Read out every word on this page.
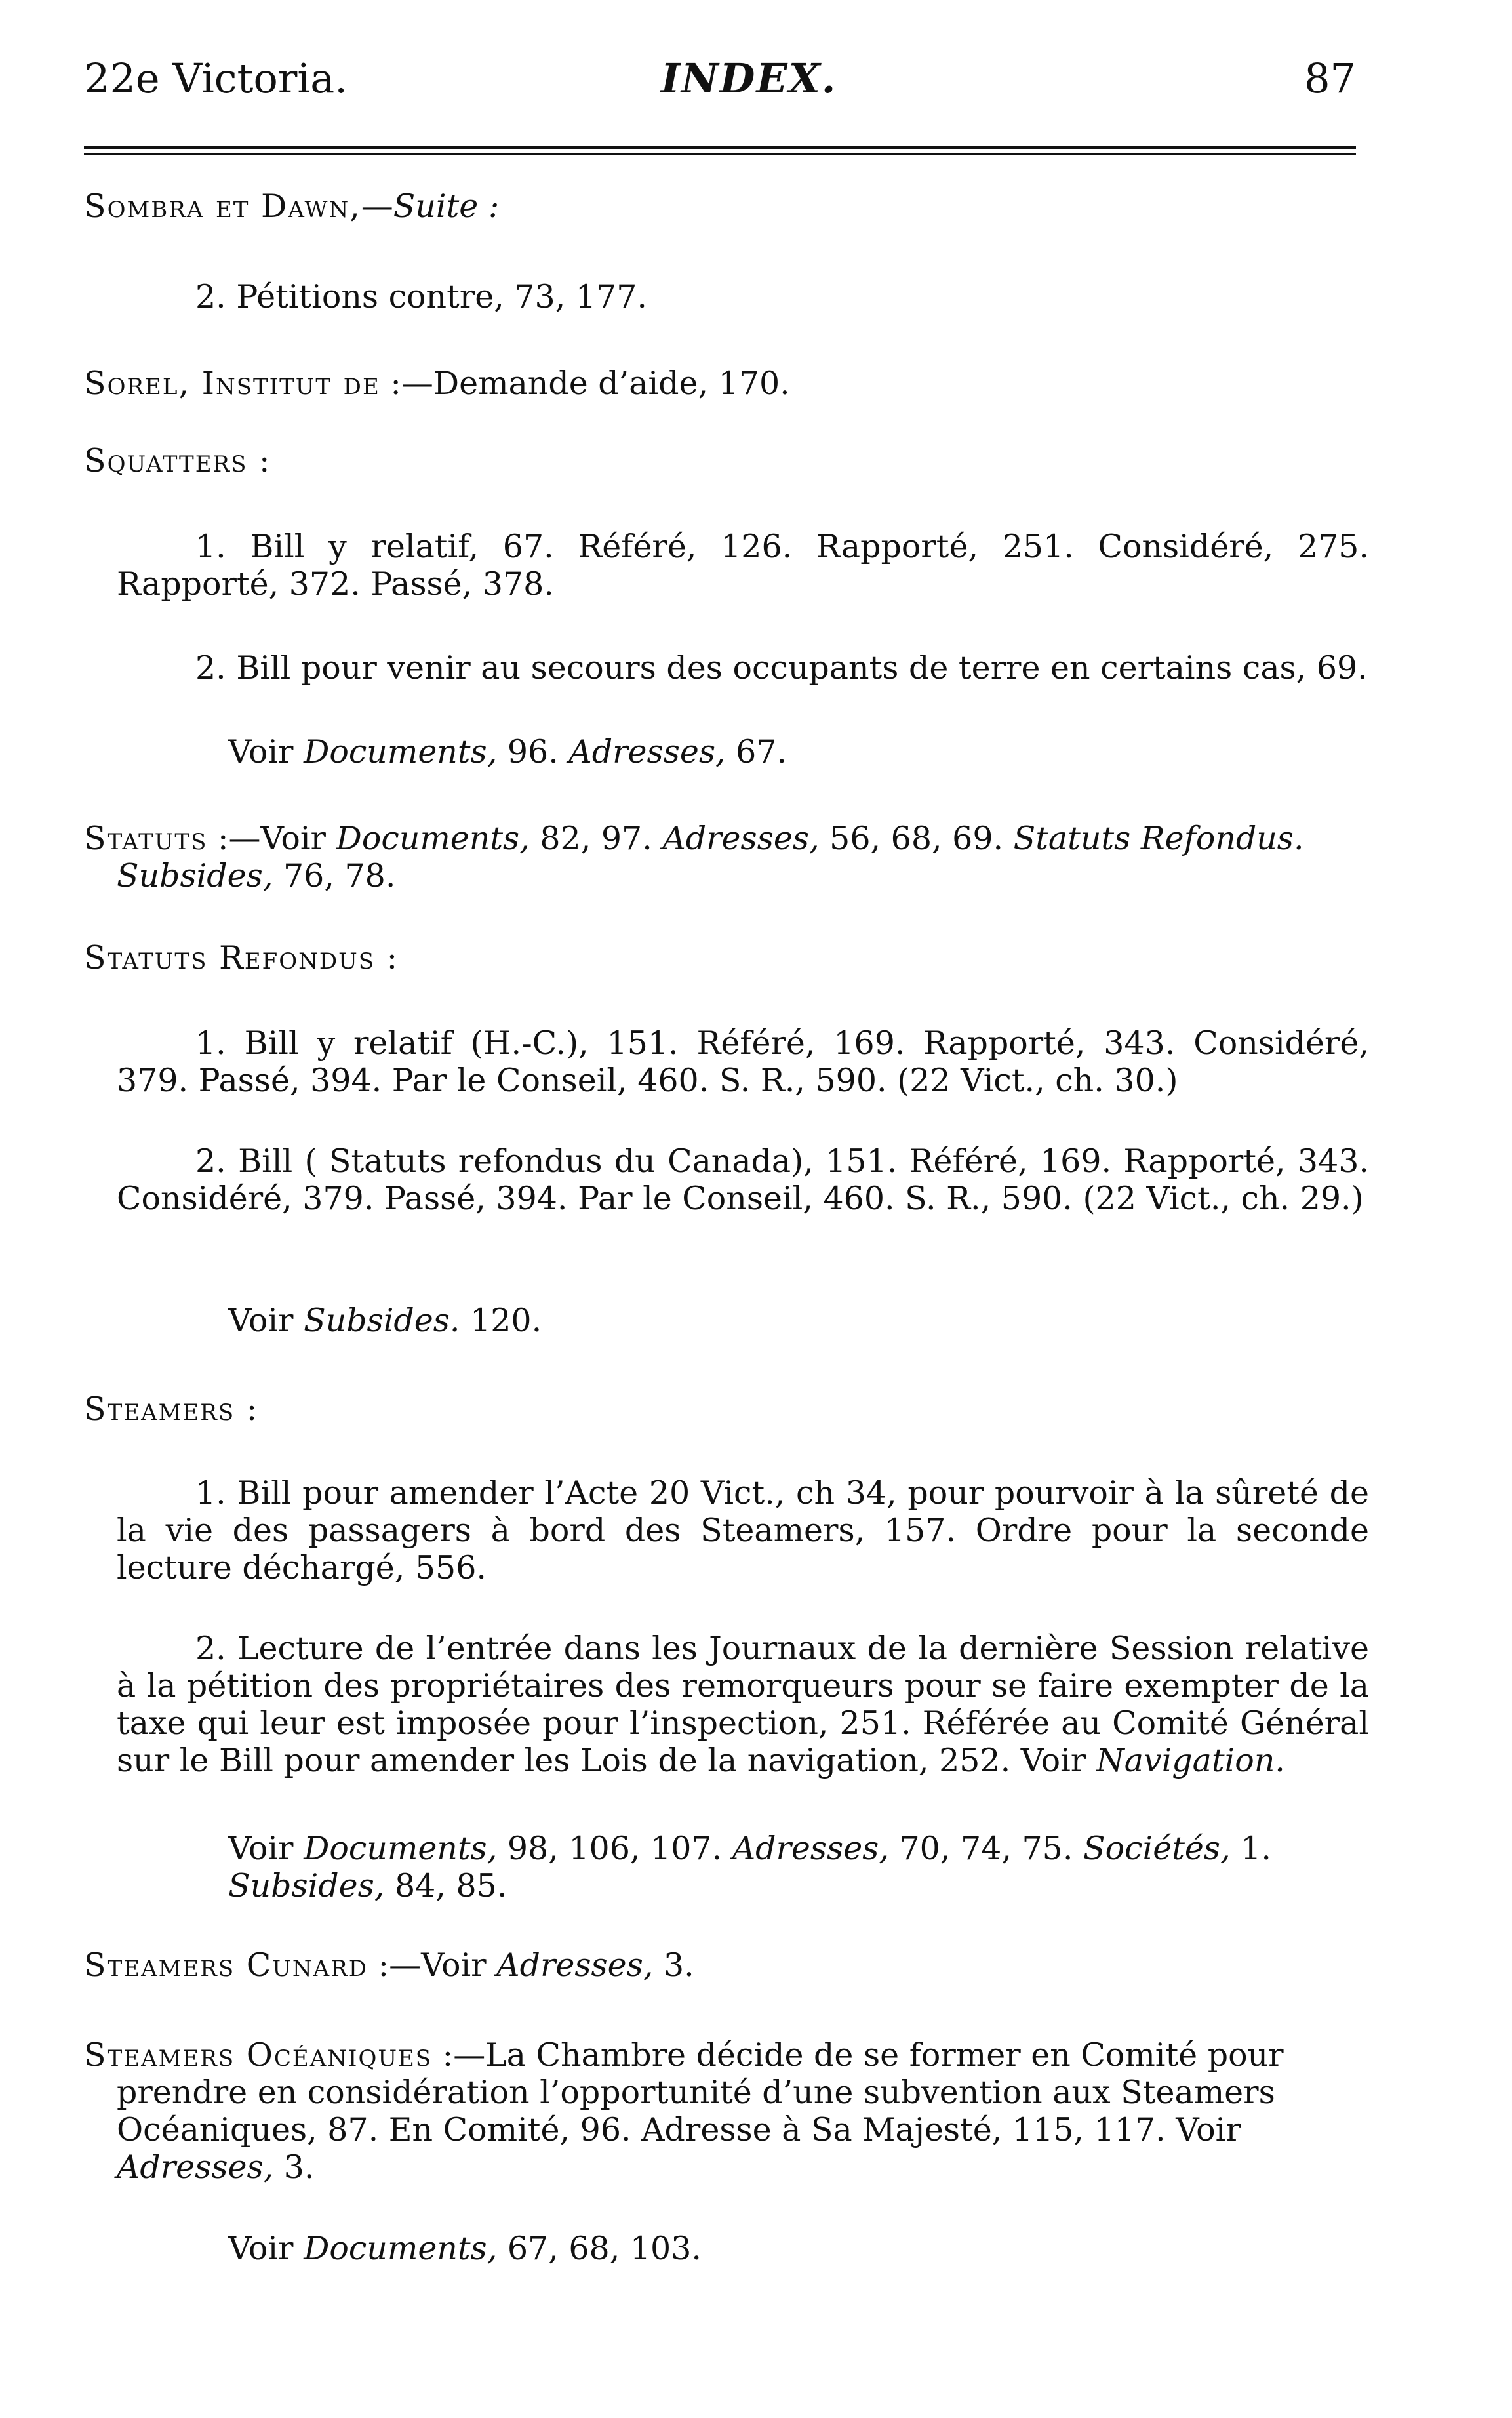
22e Victoria.	INDEX.	87

Sombra et Dawn,—Suite :

2. Pétitions contre, 73, 177.

Sorel, Institut de :—Demande d’aide, 170.

Squatters :

1. Bill y relatif, 67. Référé, 126. Rapporté, 251. Considéré, 275. Rapporté, 372. Passé, 378.

2. Bill pour venir au secours des occupants de terre en certains cas, 69.

Voir Documents, 96. Adresses, 67.

Statuts :—Voir Documents, 82, 97. Adresses, 56, 68, 69. Statuts Refondus. Subsides, 76, 78.

Statuts Refondus :

1. Bill y relatif (H.-C.), 151. Référé, 169. Rapporté, 343. Considéré, 379. Passé, 394. Par le Conseil, 460. S. R., 590. (22 Vict., ch. 30.)

2. Bill ( Statuts refondus du Canada), 151. Référé, 169. Rapporté, 343. Considéré, 379. Passé, 394. Par le Conseil, 460. S. R., 590. (22 Vict., ch. 29.)

Voir Subsides. 120.

Steamers :

1. Bill pour amender l’Acte 20 Vict., ch 34, pour pourvoir à la sûreté de la vie des passagers à bord des Steamers, 157. Ordre pour la seconde lecture déchargé, 556.

2. Lecture de l’entrée dans les Journaux de la dernière Session relative à la pétition des propriétaires des remorqueurs pour se faire exempter de la taxe qui leur est imposée pour l’inspection, 251. Référée au Comité Général sur le Bill pour amender les Lois de la navigation, 252. Voir Navigation.

Voir Documents, 98, 106, 107. Adresses, 70, 74, 75. Sociétés, 1. Subsides, 84, 85.

Steamers Cunard :—Voir Adresses, 3.

Steamers Océaniques :—La Chambre décide de se former en Comité pour prendre en considération l’opportunité d’une subvention aux Steamers Océaniques, 87. En Comité, 96. Adresse à Sa Majesté, 115, 117. Voir Adresses, 3.

Voir Documents, 67, 68, 103.
